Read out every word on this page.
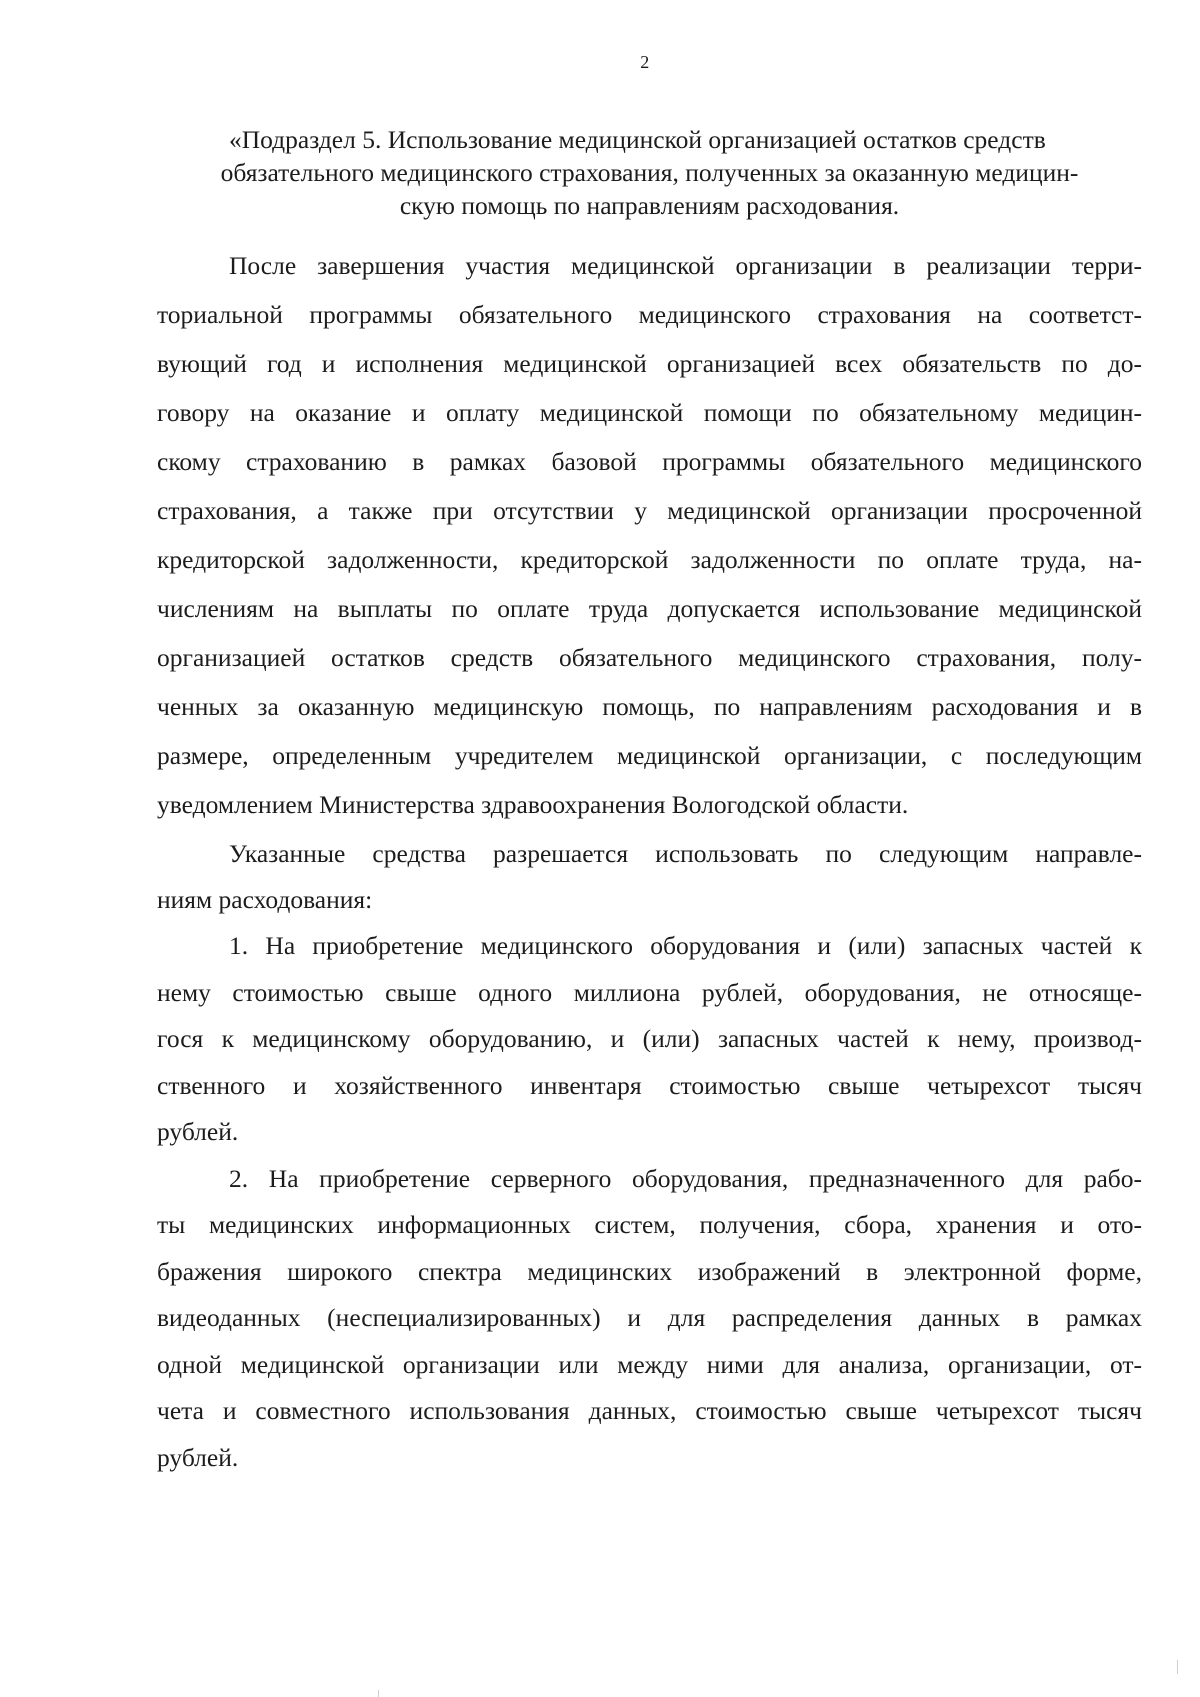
2
«Подраздел 5. Использование медицинской организацией остатков средств
обязательного медицинского страхования, полученных за оказанную медицин-
скую помощь по направлениям расходования.
После завершения участия медицинской организации в реализации терри-
ториальной программы обязательного медицинского страхования на соответст-
вующий год и исполнения медицинской организацией всех обязательств по до-
говору на оказание и оплату медицинской помощи по обязательному медицин-
скому страхованию в рамках базовой программы обязательного медицинского
страхования, а также при отсутствии у медицинской организации просроченной
кредиторской задолженности, кредиторской задолженности по оплате труда, на-
числениям на выплаты по оплате труда допускается использование медицинской
организацией остатков средств обязательного медицинского страхования, полу-
ченных за оказанную медицинскую помощь, по направлениям расходования и в
размере, определенным учредителем медицинской организации, с последующим
уведомлением Министерства здравоохранения Вологодской области.
Указанные средства разрешается использовать по следующим направле-
ниям расходования:
1. На приобретение медицинского оборудования и (или) запасных частей к
нему стоимостью свыше одного миллиона рублей, оборудования, не относяще-
гося к медицинскому оборудованию, и (или) запасных частей к нему, производ-
ственного и хозяйственного инвентаря стоимостью свыше четырехсот тысяч
рублей.
2. На приобретение серверного оборудования, предназначенного для рабо-
ты медицинских информационных систем, получения, сбора, хранения и ото-
бражения широкого спектра медицинских изображений в электронной форме,
видеоданных (неспециализированных) и для распределения данных в рамках
одной медицинской организации или между ними для анализа, организации, от-
чета и совместного использования данных, стоимостью свыше четырехсот тысяч
рублей.
